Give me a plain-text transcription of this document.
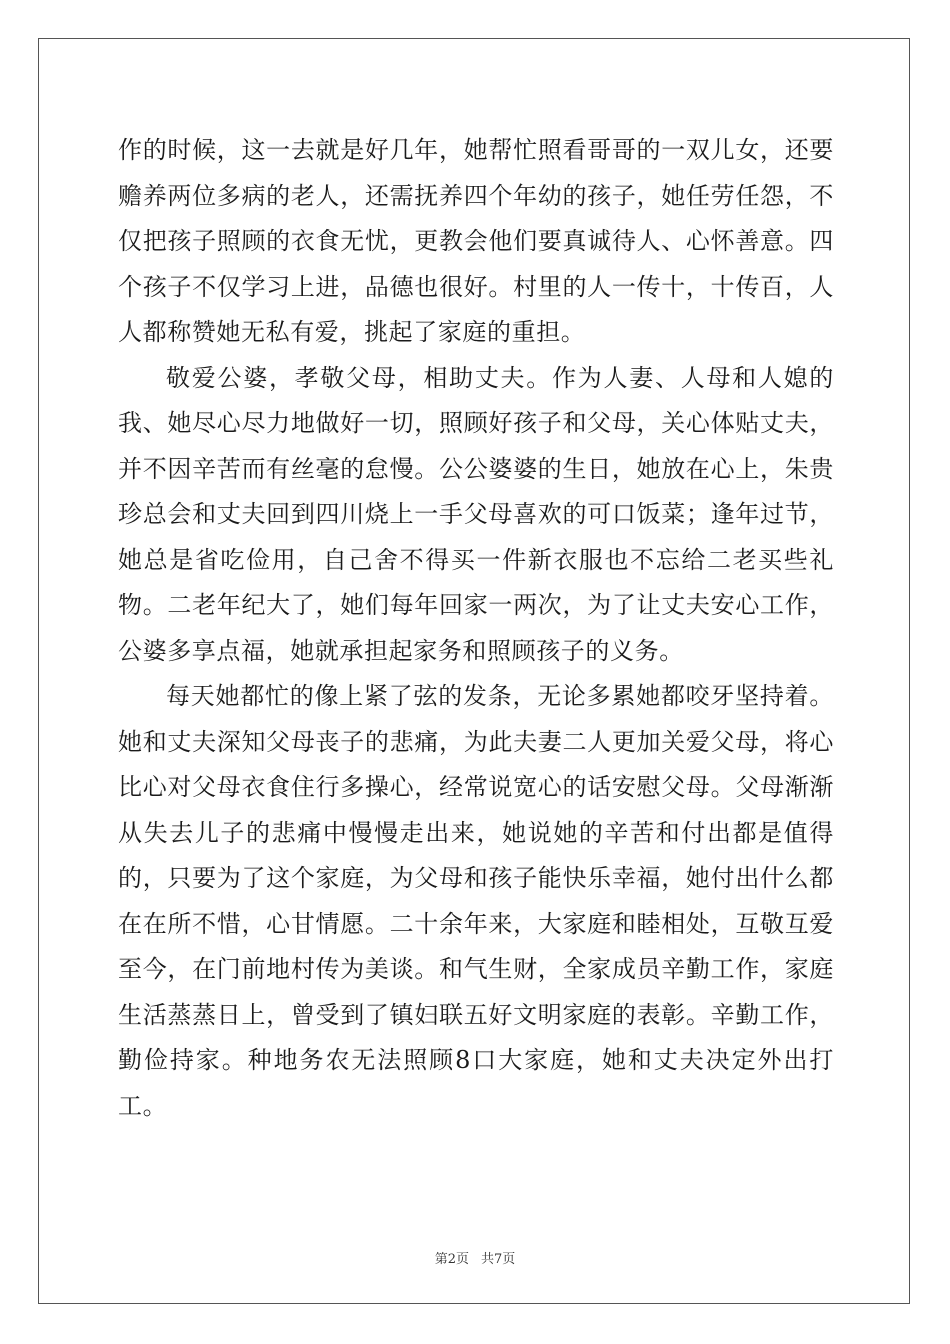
作的时候，这一去就是好几年，她帮忙照看哥哥的一双儿女，还要赡养两位多病的老人，还需抚养四个年幼的孩子，她任劳任怨，不仅把孩子照顾的衣食无忧，更教会他们要真诚待人、心怀善意。四个孩子不仅学习上进，品德也很好。村里的人一传十，十传百，人人都称赞她无私有爱，挑起了家庭的重担。

敬爱公婆，孝敬父母，相助丈夫。作为人妻、人母和人媳的我、她尽心尽力地做好一切，照顾好孩子和父母，关心体贴丈夫，并不因辛苦而有丝毫的怠慢。公公婆婆的生日，她放在心上，朱贵珍总会和丈夫回到四川烧上一手父母喜欢的可口饭菜；逢年过节，她总是省吃俭用，自己舍不得买一件新衣服也不忘给二老买些礼物。二老年纪大了，她们每年回家一两次，为了让丈夫安心工作，公婆多享点福，她就承担起家务和照顾孩子的义务。

每天她都忙的像上紧了弦的发条，无论多累她都咬牙坚持着。她和丈夫深知父母丧子的悲痛，为此夫妻二人更加关爱父母，将心比心对父母衣食住行多操心，经常说宽心的话安慰父母。父母渐渐从失去儿子的悲痛中慢慢走出来，她说她的辛苦和付出都是值得的，只要为了这个家庭，为父母和孩子能快乐幸福，她付出什么都在在所不惜，心甘情愿。二十余年来，大家庭和睦相处，互敬互爱至今，在门前地村传为美谈。和气生财，全家成员辛勤工作，家庭生活蒸蒸日上，曾受到了镇妇联五好文明家庭的表彰。辛勤工作，勤俭持家。种地务农无法照顾8口大家庭，她和丈夫决定外出打工。

第2页 共7页
